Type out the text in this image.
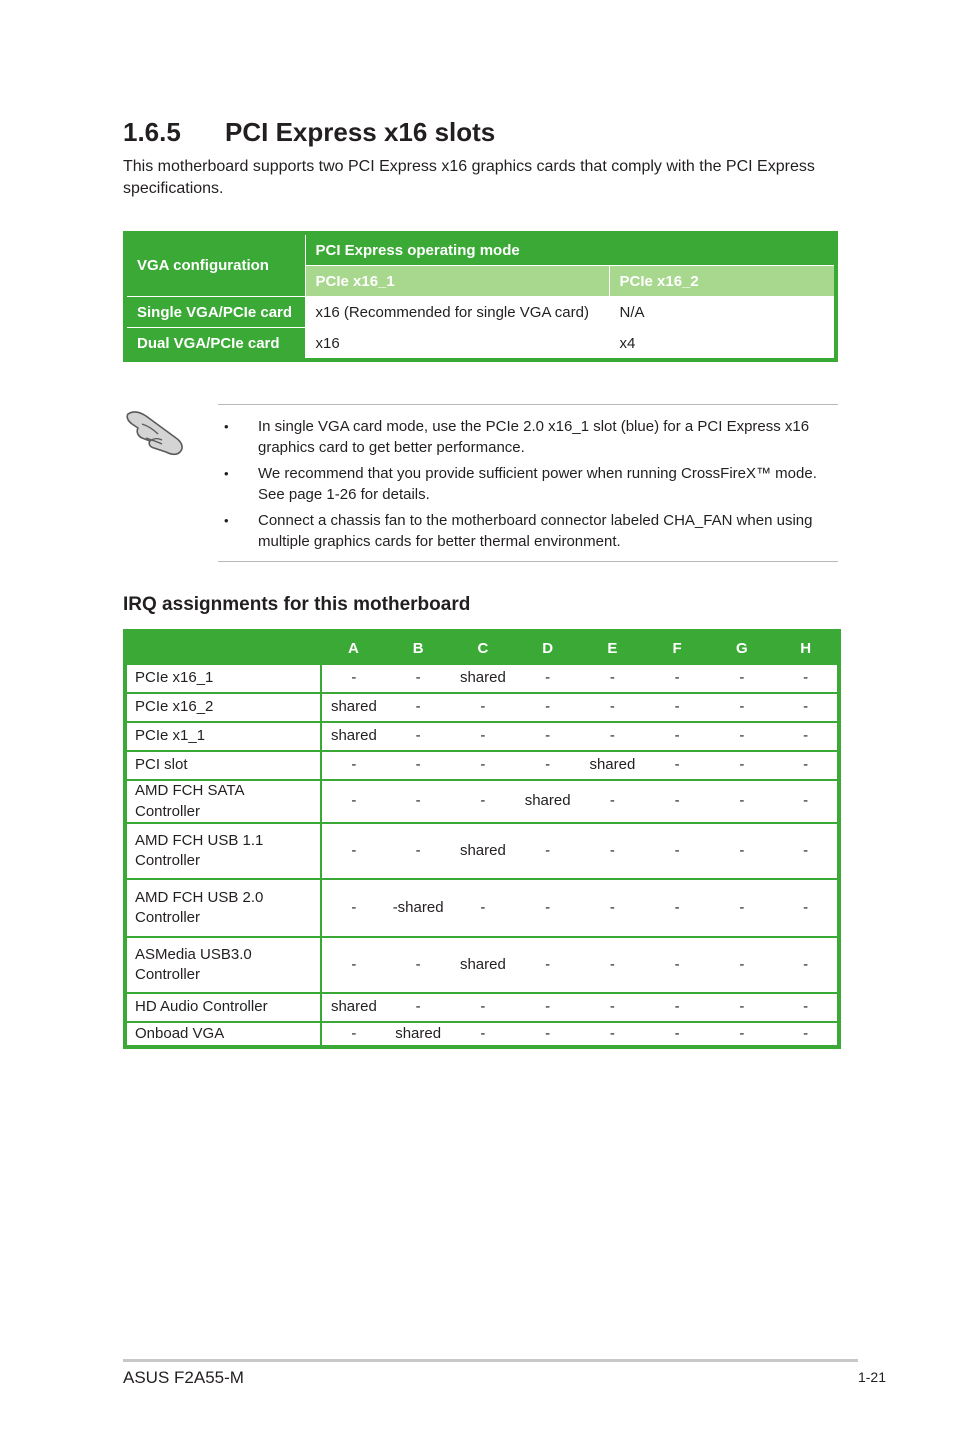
1.6.5 PCI Express x16 slots

This motherboard supports two PCI Express x16 graphics cards that comply with the PCI Express specifications.

VGA configuration	PCI Express operating mode	
	PCIe x16_1	PCIe x16_2
Single VGA/PCIe card	x16 (Recommended for single VGA card)	N/A
Dual VGA/PCIe card	x16	x4
• In single VGA card mode, use the PCIe 2.0 x16_1 slot (blue) for a PCI Express x16 graphics card to get better performance.
• We recommend that you provide sufficient power when running CrossFireX™ mode. See page 1-26 for details.
• Connect a chassis fan to the motherboard connector labeled CHA_FAN when using multiple graphics cards for better thermal environment.
IRQ assignments for this motherboard
	A	B	C	D	E	F	G	H
PCIe x16_1	-	-	shared	-	-	-	-	-
PCIe x16_2	shared	-	-	-	-	-	-	-
PCIe x1_1	shared	-	-	-	-	-	-	-
PCI slot	-	-	-	-	shared	-	-	-
AMD FCH SATA Controller	-	-	-	shared	-	-	-	-
AMD FCH USB 1.1 Controller	-	-	shared	-	-	-	-	-
AMD FCH USB 2.0 Controller	-	-shared	-	-	-	-	-	-
ASMedia USB3.0 Controller	-	-	shared	-	-	-	-	-
HD Audio Controller	shared	-	-	-	-	-	-	-
Onboad VGA	-	shared	-	-	-	-	-	-
ASUS F2A55-M	1-21
